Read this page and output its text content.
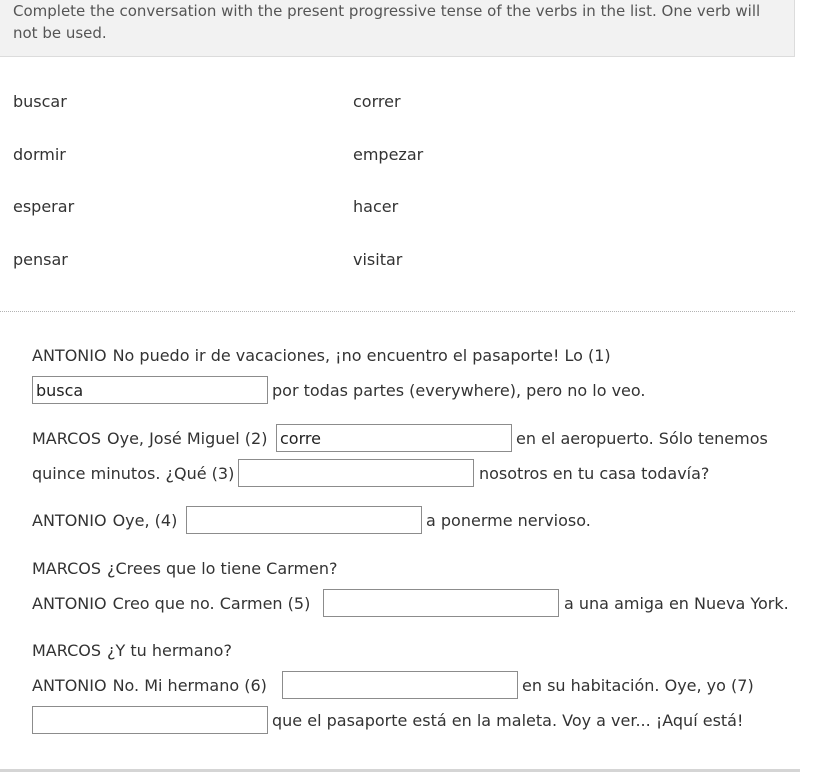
Complete the conversation with the present progressive tense of the verbs in the list. One verb will not be used.

buscar	correr
dormir	empezar
esperar	hacer
pensar	visitar
ANTONIO No puedo ir de vacaciones, ¡no encuentro el pasaporte! Lo (1)
busca
por todas partes (everywhere), pero no lo veo.
MARCOS Oye, José Miguel (2)
corre	en el aeropuerto. Sólo tenemos
quince minutos. ¿Qué (3)	nosotros en tu casa todavía?
ANTONIO Oye, (4)	a ponerme nervioso.
MARCOS ¿Crees que lo tiene Carmen?
ANTONIO Creo que no. Carmen (5)	a una amiga en Nueva York.
MARCOS ¿Y tu hermano?
ANTONIO No. Mi hermano (6)	en su habitación. Oye, yo (7)
que el pasaporte está en la maleta. Voy a ver... ¡Aquí está!
